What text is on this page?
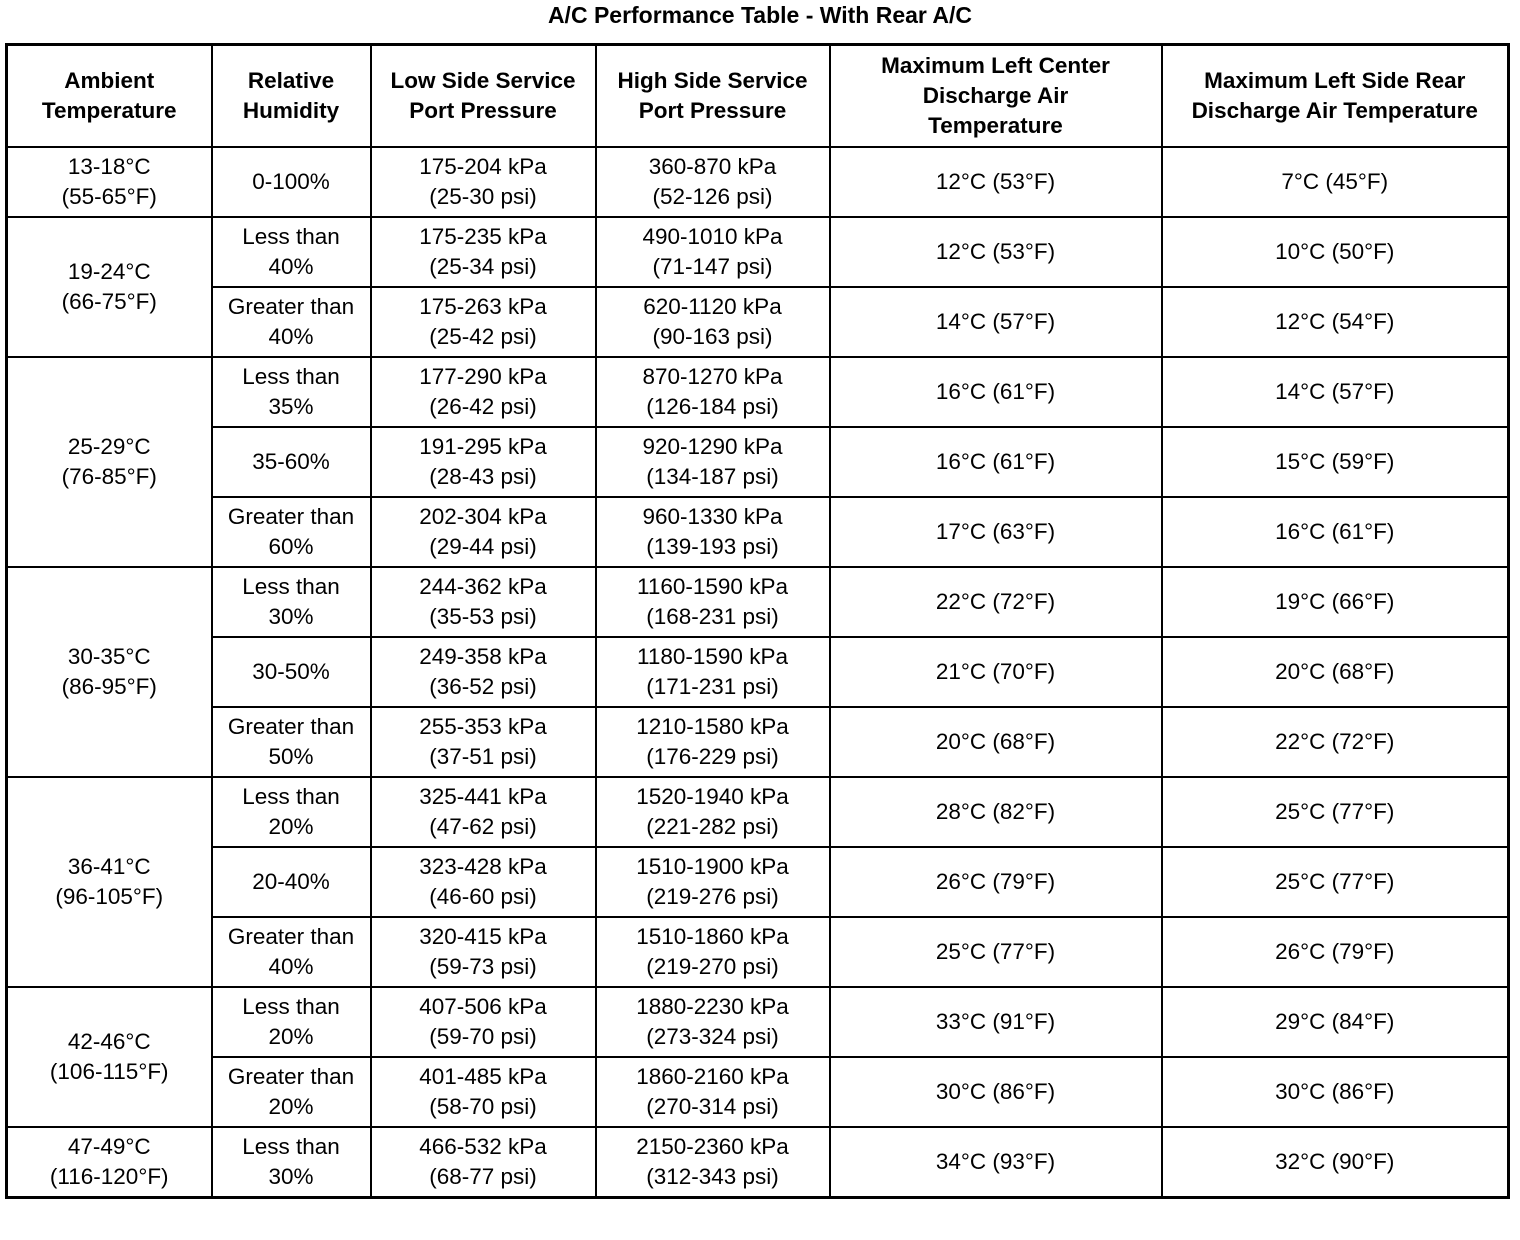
A/C Performance Table - With Rear A/C
Ambient
Temperature	Relative
Humidity	Low Side Service
Port Pressure	High Side Service
Port Pressure	Maximum Left Center
Discharge Air
Temperature	Maximum Left Side Rear
Discharge Air Temperature

13-18°C
(55-65°F)	0-100%	175-204 kPa
(25-30 psi)	360-870 kPa
(52-126 psi)	12°C (53°F)	7°C (45°F)

19-24°C
(66-75°F)	Less than
40%	175-235 kPa
(25-34 psi)	490-1010 kPa
(71-147 psi)	12°C (53°F)	10°C (50°F)

	Greater than
40%	175-263 kPa
(25-42 psi)	620-1120 kPa
(90-163 psi)	14°C (57°F)	12°C (54°F)

25-29°C
(76-85°F)	Less than
35%	177-290 kPa
(26-42 psi)	870-1270 kPa
(126-184 psi)	16°C (61°F)	14°C (57°F)

	35-60%	191-295 kPa
(28-43 psi)	920-1290 kPa
(134-187 psi)	16°C (61°F)	15°C (59°F)

	Greater than
60%	202-304 kPa
(29-44 psi)	960-1330 kPa
(139-193 psi)	17°C (63°F)	16°C (61°F)

30-35°C
(86-95°F)	Less than
30%	244-362 kPa
(35-53 psi)	1160-1590 kPa
(168-231 psi)	22°C (72°F)	19°C (66°F)

	30-50%	249-358 kPa
(36-52 psi)	1180-1590 kPa
(171-231 psi)	21°C (70°F)	20°C (68°F)

	Greater than
50%	255-353 kPa
(37-51 psi)	1210-1580 kPa
(176-229 psi)	20°C (68°F)	22°C (72°F)

36-41°C
(96-105°F)	Less than
20%	325-441 kPa
(47-62 psi)	1520-1940 kPa
(221-282 psi)	28°C (82°F)	25°C (77°F)

	20-40%	323-428 kPa
(46-60 psi)	1510-1900 kPa
(219-276 psi)	26°C (79°F)	25°C (77°F)

	Greater than
40%	320-415 kPa
(59-73 psi)	1510-1860 kPa
(219-270 psi)	25°C (77°F)	26°C (79°F)

42-46°C
(106-115°F)	Less than
20%	407-506 kPa
(59-70 psi)	1880-2230 kPa
(273-324 psi)	33°C (91°F)	29°C (84°F)

	Greater than
20%	401-485 kPa
(58-70 psi)	1860-2160 kPa
(270-314 psi)	30°C (86°F)	30°C (86°F)

47-49°C
(116-120°F)	Less than
30%	466-532 kPa
(68-77 psi)	2150-2360 kPa
(312-343 psi)	34°C (93°F)	32°C (90°F)
